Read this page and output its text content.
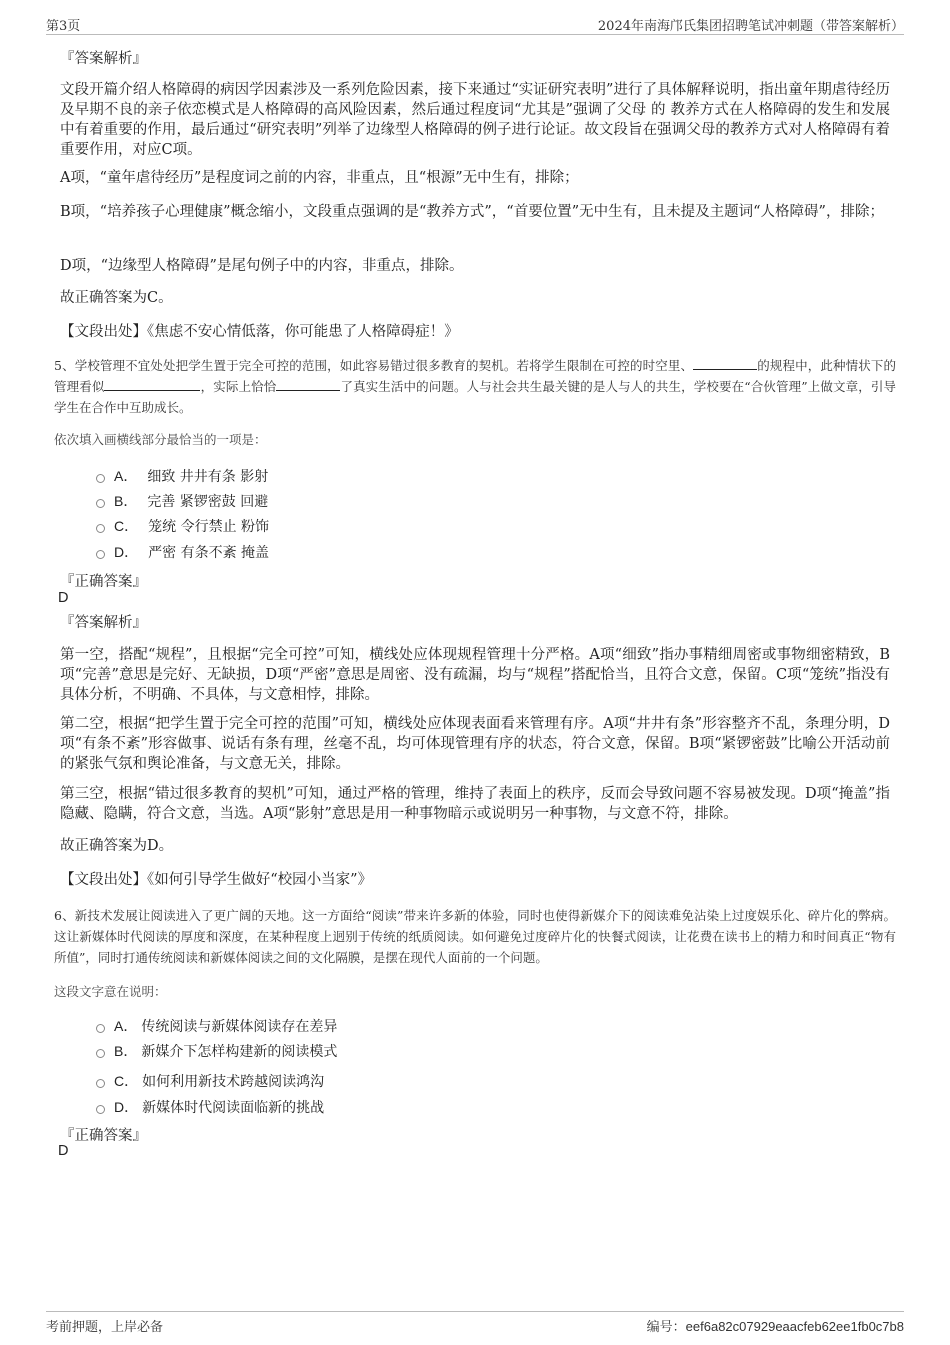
第3页	2024年南海邝氏集团招聘笔试冲刺题（带答案解析）
『答案解析』

文段开篇介绍人格障碍的病因学因素涉及一系列危险因素，接下来通过“实证研究表明”进行了具体解释说明，指出童年期虐待经历及早期不良的亲子依恋模式是人格障碍的高风险因素，然后通过程度词“尤其是”强调了父母 的 教养方式在人格障碍的发生和发展中有着重要的作用，最后通过“研究表明”列举了边缘型人格障碍的例子进行论证。故文段旨在强调父母的教养方式对人格障碍有着重要作用，对应C项。

A项，“童年虐待经历”是程度词之前的内容，非重点，且“根源”无中生有，排除；

B项，“培养孩子心理健康”概念缩小，文段重点强调的是“教养方式”，“首要位置”无中生有，且未提及主题词“人格障碍”，排除；

D项，“边缘型人格障碍”是尾句例子中的内容，非重点，排除。

故正确答案为C。

【文段出处】《焦虑不安心情低落，你可能患了人格障碍症！》

5、学校管理不宜处处把学生置于完全可控的范围，如此容易错过很多教育的契机。若将学生限制在可控的时空里、	的规程中，此种情状下的管理看似	，实际上恰恰	了真实生活中的问题。人与社会共生最关键的是人与人的共生，学校要在“合伙管理”上做文章，引导学生在合作中互助成长。

依次填入画横线部分最恰当的一项是：
A． 细致 井井有条 影射
B． 完善 紧锣密鼓 回避
C． 笼统 令行禁止 粉饰
D． 严密 有条不紊 掩盖
『正确答案』
D
『答案解析』

第一空，搭配“规程”，且根据“完全可控”可知，横线处应体现规程管理十分严格。A项“细致”指办事精细周密或事物细密精致，B项“完善”意思是完好、无缺损，D项“严密”意思是周密、没有疏漏，均与“规程”搭配恰当，且符合文意，保留。C项“笼统”指没有具体分析，不明确、不具体，与文意相悖，排除。

第二空，根据“把学生置于完全可控的范围”可知，横线处应体现表面看来管理有序。A项“井井有条”形容整齐不乱，条理分明，D项“有条不紊”形容做事、说话有条有理，丝毫不乱，均可体现管理有序的状态，符合文意，保留。B项“紧锣密鼓”比喻公开活动前的紧张气氛和舆论准备，与文意无关，排除。

第三空，根据“错过很多教育的契机”可知，通过严格的管理，维持了表面上的秩序，反而会导致问题不容易被发现。D项“掩盖”指隐藏、隐瞒，符合文意，当选。A项“影射”意思是用一种事物暗示或说明另一种事物，与文意不符，排除。

故正确答案为D。

【文段出处】《如何引导学生做好“校园小当家”》

6、新技术发展让阅读进入了更广阔的天地。这一方面给“阅读”带来许多新的体验，同时也使得新媒介下的阅读难免沾染上过度娱乐化、碎片化的弊病。这让新媒体时代阅读的厚度和深度，在某种程度上迥别于传统的纸质阅读。如何避免过度碎片化的快餐式阅读，让花费在读书上的精力和时间真正“物有所值”，同时打通传统阅读和新媒体阅读之间的文化隔膜，是摆在现代人面前的一个问题。

这段文字意在说明：
A． 传统阅读与新媒体阅读存在差异
B． 新媒介下怎样构建新的阅读模式
C． 如何利用新技术跨越阅读鸿沟
D． 新媒体时代阅读面临新的挑战
『正确答案』
D
考前押题，上岸必备	编号：eef6a82c07929eaacfeb62ee1fb0c7b8
